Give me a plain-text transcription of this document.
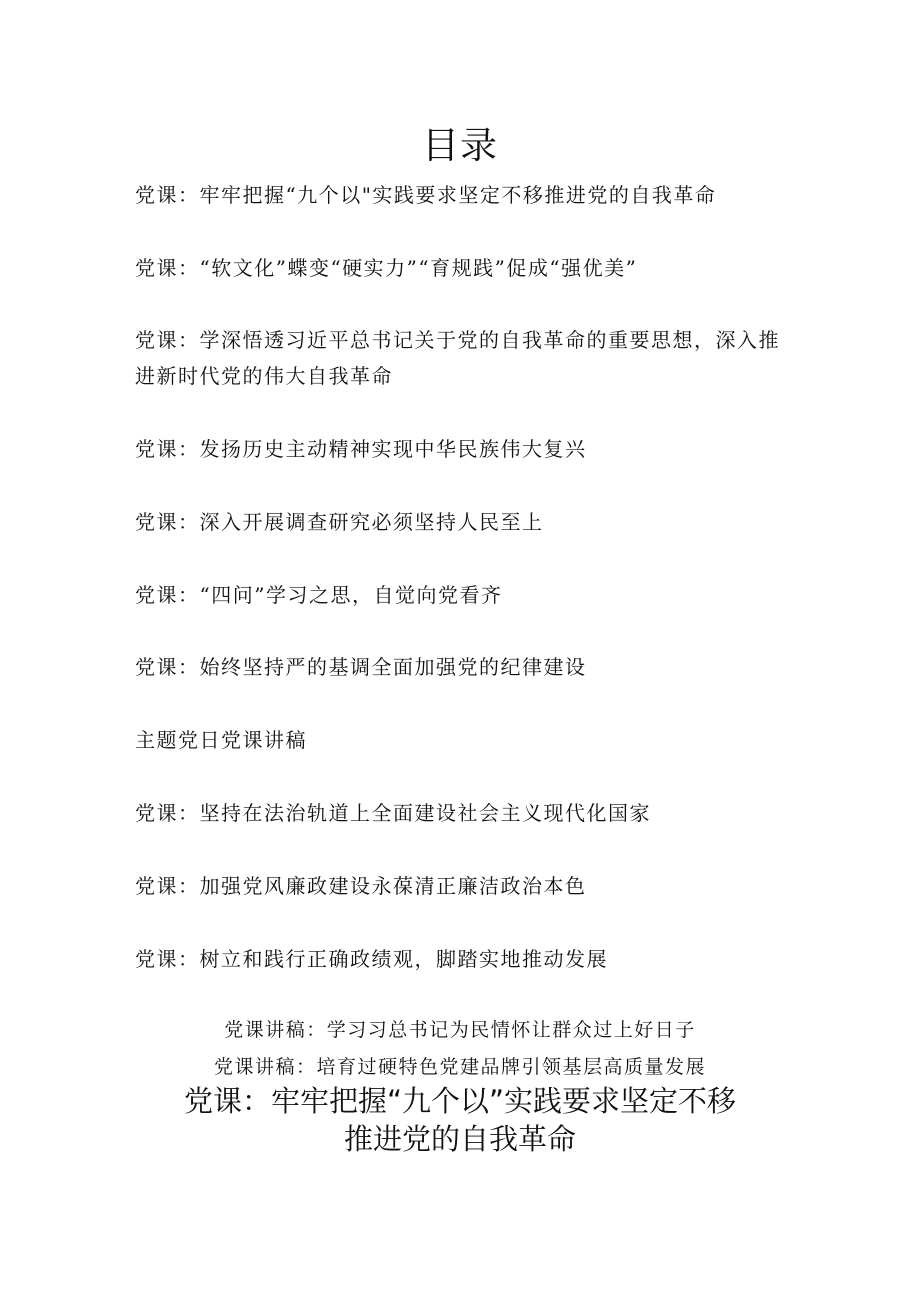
目录
党课：牢牢把握“九个以"实践要求坚定不移推进党的自我革命
党课：“软文化”蝶变“硬实力”“育规践”促成“强优美”
党课：学深悟透习近平总书记关于党的自我革命的重要思想，深入推进新时代党的伟大自我革命
党课：发扬历史主动精神实现中华民族伟大复兴
党课：深入开展调查研究必须坚持人民至上
党课：“四问”学习之思，自觉向党看齐
党课：始终坚持严的基调全面加强党的纪律建设
主题党日党课讲稿
党课：坚持在法治轨道上全面建设社会主义现代化国家
党课：加强党风廉政建设永葆清正廉洁政治本色
党课：树立和践行正确政绩观，脚踏实地推动发展
党课讲稿：学习习总书记为民情怀让群众过上好日子
党课讲稿：培育过硬特色党建品牌引领基层高质量发展
党课：牢牢把握“九个以”实践要求坚定不移
推进党的自我革命
